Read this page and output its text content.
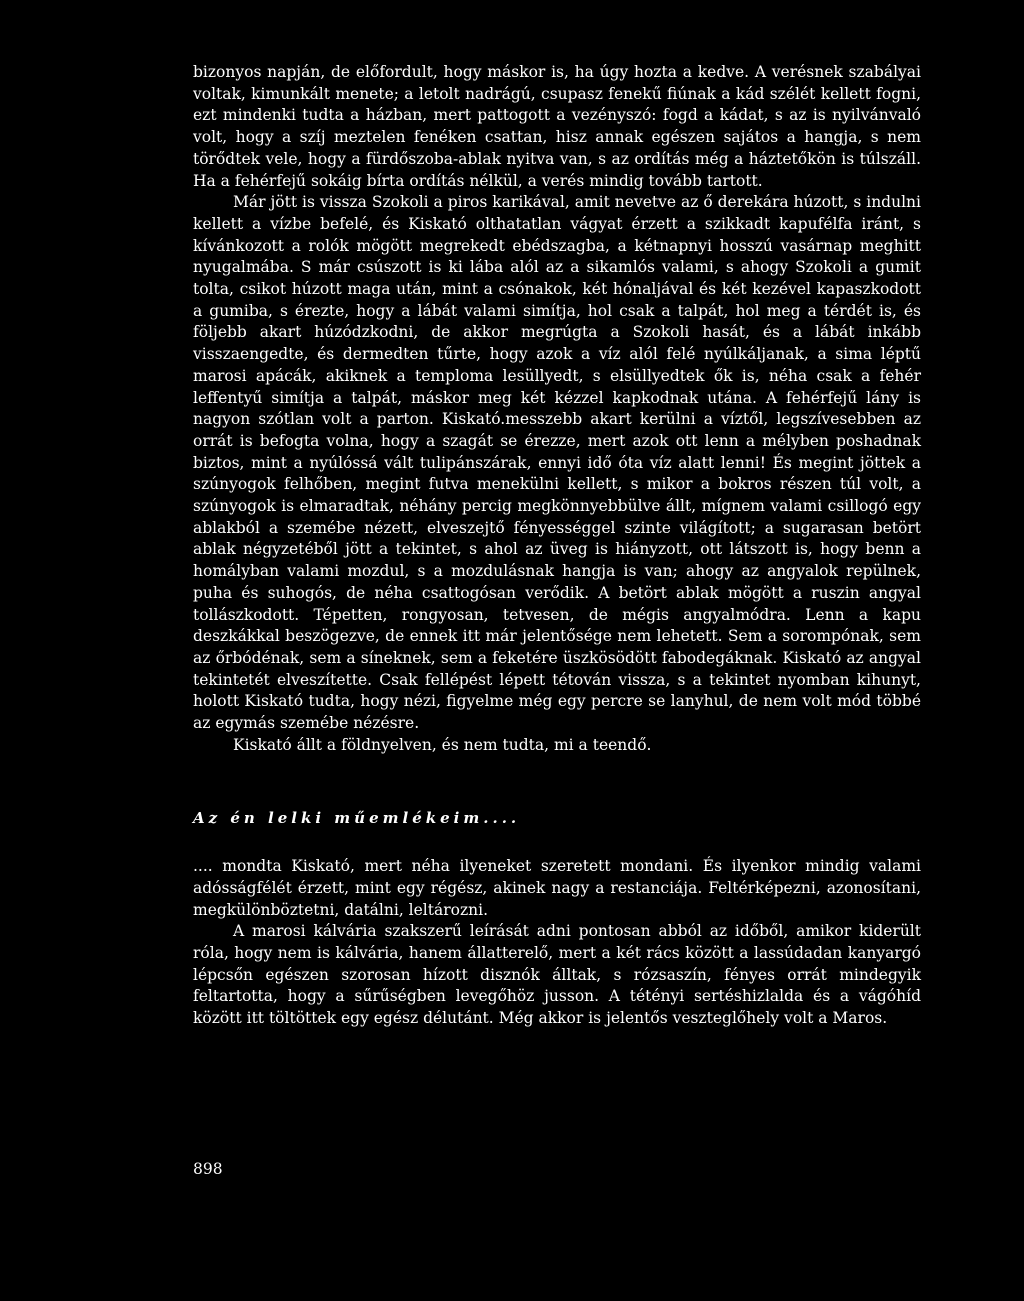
bizonyos napján, de előfordult, hogy máskor is, ha úgy hozta a kedve. A verésnek szabályai voltak, kimunkált menete; a letolt nadrágú, csupasz fenekű fiúnak a kád szélét kellett fogni, ezt mindenki tudta a házban, mert pattogott a vezényszó: fogd a kádat, s az is nyilvánvaló volt, hogy a szíj meztelen fenéken csattan, hisz annak egészen sajátos a hangja, s nem törődtek vele, hogy a fürdőszoba-ablak nyitva van, s az ordítás még a háztetőkön is túlszáll. Ha a fehérfejű sokáig bírta ordítás nélkül, a verés mindig tovább tartott.

Már jött is vissza Szokoli a piros karikával, amit nevetve az ő derekára húzott, s indulni kellett a vízbe befelé, és Kiskató olthatatlan vágyat érzett a szikkadt kapufélfa iránt, s kívánkozott a rolók mögött megrekedt ebédszagba, a kétnapnyi hosszú vasárnap meghitt nyugalmába. S már csúszott is ki lába alól az a sikamlós valami, s ahogy Szokoli a gumit tolta, csikot húzott maga után, mint a csónakok, két hónaljával és két kezével kapaszkodott a gumiba, s érezte, hogy a lábát valami simítja, hol csak a talpát, hol meg a térdét is, és följebb akart húzódzkodni, de akkor megrúgta a Szokoli hasát, és a lábát inkább visszaengedte, és dermedten tűrte, hogy azok a víz alól felé nyúlkáljanak, a sima léptű marosi apácák, akiknek a temploma lesüllyedt, s elsüllyedtek ők is, néha csak a fehér leffentyű simítja a talpát, máskor meg két kézzel kapkodnak utána. A fehérfejű lány is nagyon szótlan volt a parton. Kiskató.messzebb akart kerülni a víztől, legszívesebben az orrát is befogta volna, hogy a szagát se érezze, mert azok ott lenn a mélyben poshadnak biztos, mint a nyúlóssá vált tulipánszárak, ennyi idő óta víz alatt lenni! És megint jöttek a szúnyogok felhőben, megint futva menekülni kellett, s mikor a bokros részen túl volt, a szúnyogok is elmaradtak, néhány percig megkönnyebbülve állt, mígnem valami csillogó egy ablakból a szemébe nézett, elveszejtő fényességgel szinte világított; a sugarasan betört ablak négyzetéből jött a tekintet, s ahol az üveg is hiányzott, ott látszott is, hogy benn a homályban valami mozdul, s a mozdulásnak hangja is van; ahogy az angyalok repülnek, puha és suhogós, de néha csattogósan verődik. A betört ablak mögött a ruszin angyal tollászkodott. Tépetten, rongyosan, tetvesen, de mégis angyalmódra. Lenn a kapu deszkákkal beszögezve, de ennek itt már jelentősége nem lehetett. Sem a sorompónak, sem az őrbódénak, sem a síneknek, sem a feketére üszkösödött fabodegáknak. Kiskató az angyal tekintetét elveszítette. Csak fellépést lépett tétován vissza, s a tekintet nyomban kihunyt, holott Kiskató tudta, hogy nézi, figyelme még egy percre se lanyhul, de nem volt mód többé az egymás szemébe nézésre.

Kiskató állt a földnyelven, és nem tudta, mi a teendő.

Az én lelki műemlékeim....

.... mondta Kiskató, mert néha ilyeneket szeretett mondani. És ilyenkor mindig valami adósságfélét érzett, mint egy régész, akinek nagy a restanciája. Feltérképezni, azonosítani, megkülönböztetni, datálni, leltározni.

A marosi kálvária szakszerű leírását adni pontosan abból az időből, amikor kiderült róla, hogy nem is kálvária, hanem állatterelő, mert a két rács között a lassúdadan kanyargó lépcsőn egészen szorosan hízott disznók álltak, s rózsaszín, fényes orrát mindegyik feltartotta, hogy a sűrűségben levegőhöz jusson. A tétényi sertéshizlalda és a vágóhíd között itt töltöttek egy egész délutánt. Még akkor is jelentős veszteglőhely volt a Maros.

898
